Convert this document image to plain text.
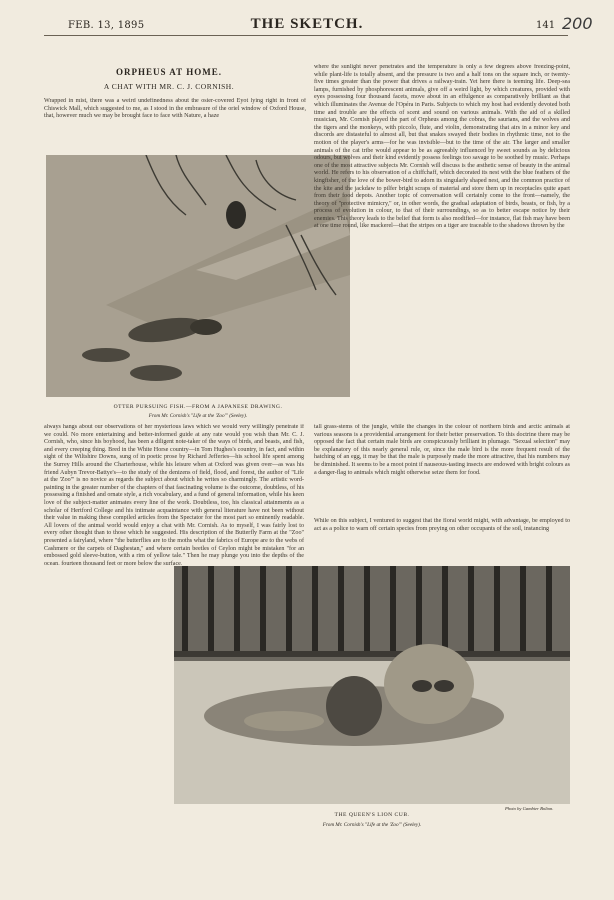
FEB. 13, 1895	THE SKETCH.	141 200
ORPHEUS AT HOME.
A CHAT WITH MR. C. J. CORNISH.
Wrapped in mist, there was a weird undefinedness about the osier-covered Eyot lying right in front of Chiswick Mall, which suggested to me, as I stood in the embrasure of the oriel window of Oxford House, that, however much we may be brought face to face with Nature, a haze
OTTER PURSUING FISH.—FROM A JAPANESE DRAWING.
From Mr. Cornish's "Life at the 'Zoo'" (Seeley).
always hangs about our observations of her mysterious laws which we would very willingly penetrate if we could. No more entertaining and better-informed guide at any rate would you wish than Mr. C. J. Cornish, who, since his boyhood, has been a diligent note-taker of the ways of birds, and beasts, and fish, and every creeping thing. Bred in the White Horse country—in Tom Hughes's country, in fact, and within sight of the Wiltshire Downs, sung of in poetic prose by Richard Jefferies—his school life spent among the Surrey Hills around the Charterhouse, while his leisure when at Oxford was given over—as was his friend Aubyn Trevor-Battye's—to the study of the denizens of field, flood, and forest, the author of "Life at the 'Zoo'" is no novice as regards the subject about which he writes so charmingly. The artistic word-painting in the greater number of the chapters of that fascinating volume is the outcome, doubtless, of his possessing a finished and ornate style, a rich vocabulary, and a fund of general information, while his keen love of the subject-matter animates every line of the work. Doubtless, too, his classical attainments as a scholar of Hertford College and his intimate acquaintance with general literature have not been without their value in making these compiled articles from the Spectator for the most part so eminently readable. All lovers of the animal world would enjoy a chat with Mr. Cornish. As to myself, I was fairly lost to every other thought than to those which he suggested. His description of the Butterfly Farm at the "Zoo" presented a fairyland, where "the butterflies are to the moths what the fabrics of Europe are to the webs of Cashmere or the carpets of Daghestan," and where certain beetles of Ceylon might be mistaken "for an embossed gold sleeve-button, with a rim of yellow tale." Then he may plunge you into the depths of the ocean, fourteen thousand feet or more below the surface,
where the sunlight never penetrates and the temperature is only a few degrees above freezing-point, while plant-life is totally absent, and the pressure is two and a half tons on the square inch, or twenty-five times greater than the power that drives a railway-train. Yet here there is teeming life. Deep-sea lamps, furnished by phosphorescent animals, give off a weird light, by which creatures, provided with eyes possessing four thousand facets, move about in an effulgence as comparatively brilliant as that which illuminates the Avenue de l'Opéra in Paris. Subjects to which my host had evidently devoted both time and trouble are the effects of scent and sound on various animals. With the aid of a skilled musician, Mr. Cornish played the part of Orpheus among the cobras, the saurians, and the wolves and the tigers and the monkeys, with piccolo, flute, and violin, demonstrating that airs in a minor key and discords are distasteful to almost all, but that snakes swayed their bodies in rhythmic time, not to the motion of the player's arms—for he was invisible—but to the time of the air. The larger and smaller animals of the cat tribe would appear to be as agreeably influenced by sweet sounds as by delicious odours, but wolves and their kind evidently possess feelings too savage to be soothed by music. Perhaps one of the most attractive subjects Mr. Cornish will discuss is the æsthetic sense of beauty in the animal world. He refers to his observation of a chiffchaff, which decorated its nest with the blue feathers of the kingfisher, of the love of the bower-bird to adorn its singularly shaped nest, and the common practice of the kite and the jackdaw to pilfer bright scraps of material and store them up in receptacles quite apart from their food depots. Another topic of conversation will certainly come to the front—namely, the theory of "protective mimicry," or, in other words, the gradual adaptation of birds, beasts, or fish, by a process of evolution in colour, to that of their surroundings, so as to better escape notice by their enemies. This theory leads to the belief that form is also modified—for instance, flat fish may have been at one time round, like mackerel—that the stripes on a tiger are traceable to the shadows thrown by the
tall grass-stems of the jungle, while the changes in the colour of northern birds and arctic animals at various seasons is a providential arrangement for their better preservation. To this doctrine there may be opposed the fact that certain male birds are conspicuously brilliant in plumage. "Sexual selection" may be explanatory of this nearly general rule, or, since the male bird is the more frequent result of the hatching of an egg, it may be that the male is purposely made the more attractive, that his numbers may be diminished. It seems to be a moot point if nauseous-tasting insects are endowed with bright colours as a danger-flag to animals which might otherwise seize them for food.
While on this subject, I ventured to suggest that the floral world might, with advantage, be employed to act as a police to warn off certain species from preying on other occupants of the soil, instancing
THE QUEEN'S LION CUB.
From Mr. Cornish's "Life at the 'Zoo'" (Seeley).
Photo by Gambier Bolton.
